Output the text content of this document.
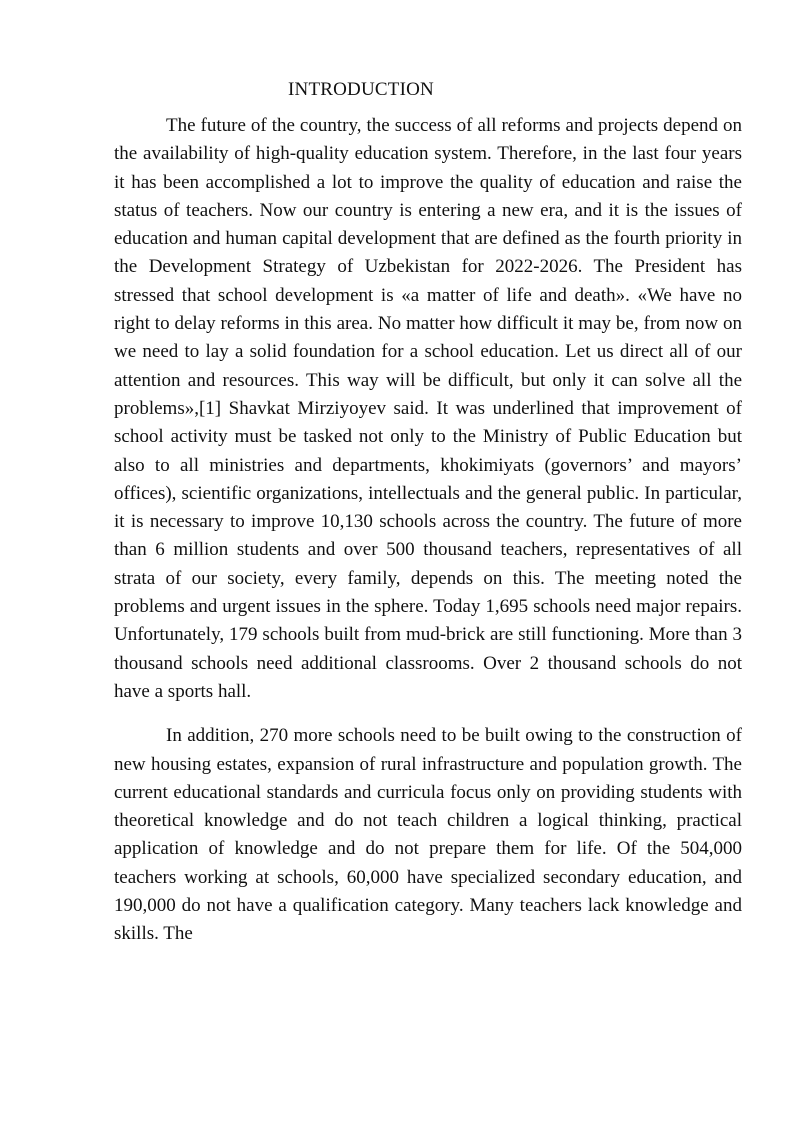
INTRODUCTION

The future of the country, the success of all reforms and projects depend on the availability of high-quality education system. Therefore, in the last four years it has been accomplished a lot to improve the quality of education and raise the status of teachers. Now our country is entering a new era, and it is the issues of education and human capital development that are defined as the fourth priority in the Development Strategy of Uzbekistan for 2022-2026. The President has stressed that school development is «a matter of life and death». «We have no right to delay reforms in this area. No matter how difficult it may be, from now on we need to lay a solid foundation for a school education. Let us direct all of our attention and resources. This way will be difficult, but only it can solve all the problems»,[1] Shavkat Mirziyoyev said. It was underlined that improvement of school activity must be tasked not only to the Ministry of Public Education but also to all ministries and departments, khokimiyats (governors’ and mayors’ offices), scientific organizations, intellectuals and the general public. In particular, it is necessary to improve 10,130 schools across the country. The future of more than 6 million students and over 500 thousand teachers, representatives of all strata of our society, every family, depends on this. The meeting noted the problems and urgent issues in the sphere. Today 1,695 schools need major repairs. Unfortunately, 179 schools built from mud-brick are still functioning. More than 3 thousand schools need additional classrooms. Over 2 thousand schools do not have a sports hall.

In addition, 270 more schools need to be built owing to the construction of new housing estates, expansion of rural infrastructure and population growth. The current educational standards and curricula focus only on providing students with theoretical knowledge and do not teach children a logical thinking, practical application of knowledge and do not prepare them for life. Of the 504,000 teachers working at schools, 60,000 have specialized secondary education, and 190,000 do not have a qualification category. Many teachers lack knowledge and skills. The
